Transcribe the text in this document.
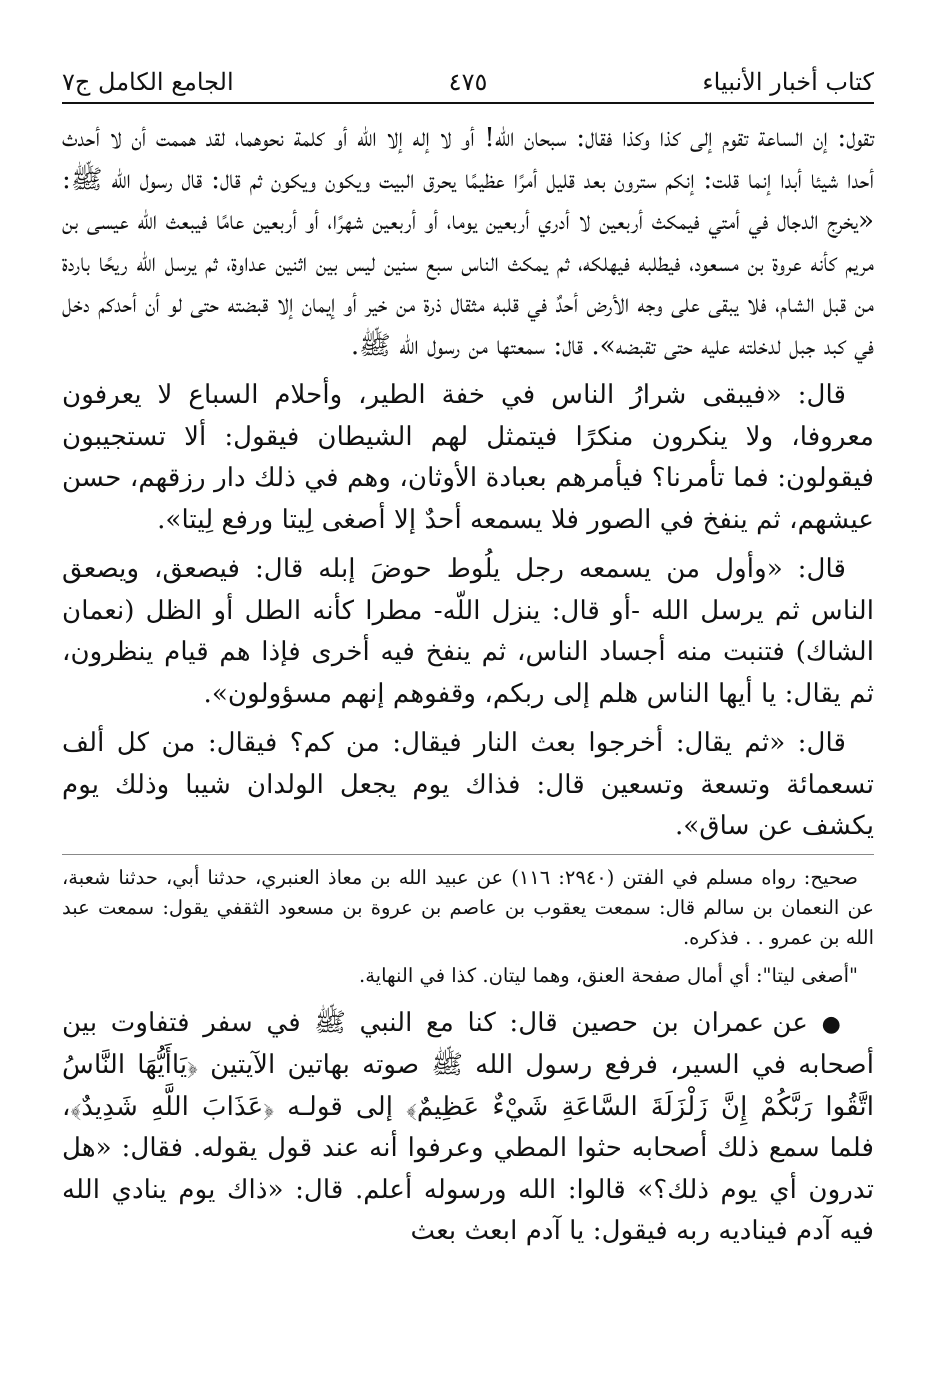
الجامع الكامل ج٧	٤٧٥	كتاب أخبار الأنبياء

تقول: إن الساعة تقوم إلى كذا وكذا فقال: سبحان الله! أو لا إله إلا الله أو كلمة نحوهما، لقد هممت أن لا أحدث أحدا شيئا أبدا إنما قلت: إنكم سترون بعد قليل أمرًا عظيمًا يحرق البيت ويكون ويكون ثم قال: قال رسول الله ﷺ: «يخرج الدجال في أمتي فيمكث أربعين لا أدري أربعين يوما، أو أربعين شهرًا، أو أربعين عامًا فيبعث الله عيسى بن مريم كأنه عروة بن مسعود، فيطلبه فيهلكه، ثم يمكث الناس سبع سنين ليس بين اثنين عداوة، ثم يرسل الله ريحًا باردة من قبل الشام، فلا يبقى على وجه الأرض أحدٌ في قلبه مثقال ذرة من خير أو إيمان إلا قبضته حتى لو أن أحدكم دخل في كبد جبل لدخلته عليه حتى تقبضه». قال: سمعتها من رسول الله ﷺ.

قال: «فيبقى شرارُ الناس في خفة الطير، وأحلام السباع لا يعرفون معروفا، ولا ينكرون منكرًا فيتمثل لهم الشيطان فيقول: ألا تستجيبون فيقولون: فما تأمرنا؟ فيأمرهم بعبادة الأوثان، وهم في ذلك دار رزقهم، حسن عيشهم، ثم ينفخ في الصور فلا يسمعه أحدٌ إلا أصغى لِيتا ورفع لِيتا».

قال: «وأول من يسمعه رجل يلُوط حوضَ إبله قال: فيصعق، ويصعق الناس ثم يرسل الله -أو قال: ينزل اللّه- مطرا كأنه الطل أو الظل (نعمان الشاك) فتنبت منه أجساد الناس، ثم ينفخ فيه أخرى فإذا هم قيام ينظرون، ثم يقال: يا أيها الناس هلم إلى ربكم، وقفوهم إنهم مسؤولون».

قال: «ثم يقال: أخرجوا بعث النار فيقال: من كم؟ فيقال: من كل ألف تسعمائة وتسعة وتسعين قال: فذاك يوم يجعل الولدان شيبا وذلك يوم يكشف عن ساق».

صحيح: رواه مسلم في الفتن (٢٩٤٠: ١١٦) عن عبيد الله بن معاذ العنبري، حدثنا أبي، حدثنا شعبة، عن النعمان بن سالم قال: سمعت يعقوب بن عاصم بن عروة بن مسعود الثقفي يقول: سمعت عبد الله بن عمرو . . فذكره.

"أصغى ليتا": أي أمال صفحة العنق، وهما ليتان. كذا في النهاية.

● عن عمران بن حصين قال: كنا مع النبي ﷺ في سفر فتفاوت بين أصحابه في السير، فرفع رسول الله ﷺ صوته بهاتين الآيتين ﴿يَاأَيُّهَا النَّاسُ اتَّقُوا رَبَّكُمْ إِنَّ زَلْزَلَةَ السَّاعَةِ شَيْءٌ عَظِيمٌ﴾ إلى قولـه ﴿عَذَابَ اللَّهِ شَدِيدٌ﴾، فلما سمع ذلك أصحابه حثوا المطي وعرفوا أنه عند قول يقوله. فقال: «هل تدرون أي يوم ذلك؟» قالوا: الله ورسوله أعلم. قال: «ذاك يوم ينادي الله فيه آدم فيناديه ربه فيقول: يا آدم ابعث بعث
